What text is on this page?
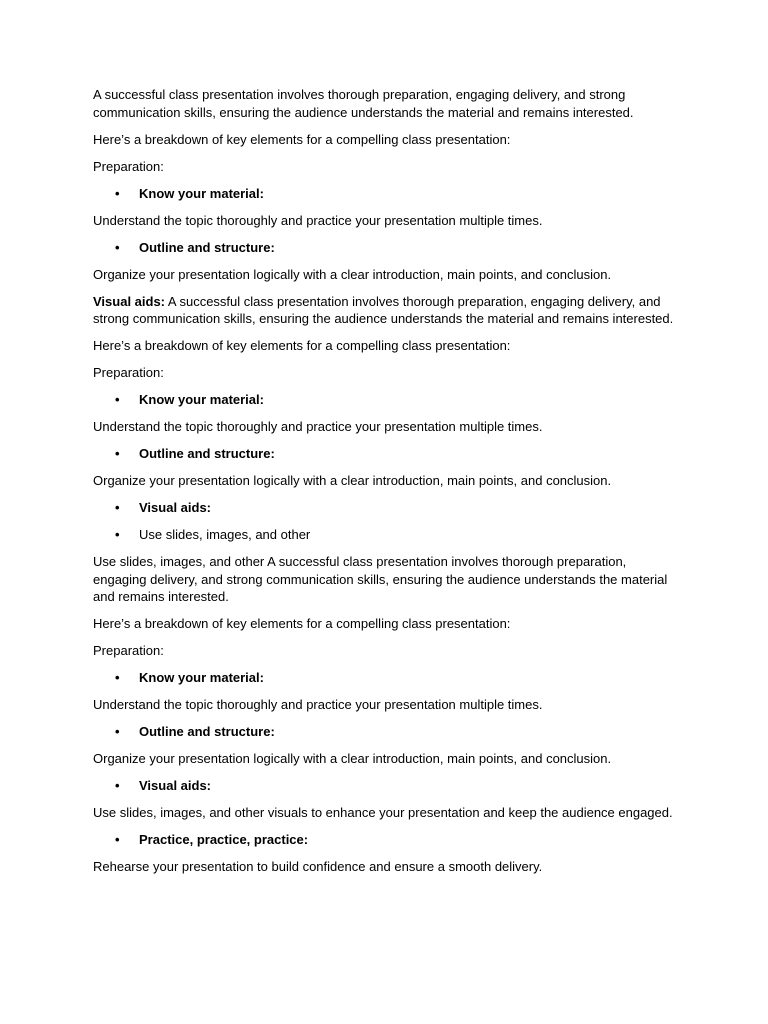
A successful class presentation involves thorough preparation, engaging delivery, and strong communication skills, ensuring the audience understands the material and remains interested.

Here’s a breakdown of key elements for a compelling class presentation:

Preparation:

• Know your material:

Understand the topic thoroughly and practice your presentation multiple times.

• Outline and structure:

Organize your presentation logically with a clear introduction, main points, and conclusion.

Visual aids: A successful class presentation involves thorough preparation, engaging delivery, and strong communication skills, ensuring the audience understands the material and remains interested.

Here’s a breakdown of key elements for a compelling class presentation:

Preparation:

• Know your material:

Understand the topic thoroughly and practice your presentation multiple times.

• Outline and structure:

Organize your presentation logically with a clear introduction, main points, and conclusion.

• Visual aids:
• Use slides, images, and other

Use slides, images, and other A successful class presentation involves thorough preparation, engaging delivery, and strong communication skills, ensuring the audience understands the material and remains interested.

Here’s a breakdown of key elements for a compelling class presentation:

Preparation:

• Know your material:

Understand the topic thoroughly and practice your presentation multiple times.

• Outline and structure:

Organize your presentation logically with a clear introduction, main points, and conclusion.

• Visual aids:

Use slides, images, and other visuals to enhance your presentation and keep the audience engaged.

• Practice, practice, practice:

Rehearse your presentation to build confidence and ensure a smooth delivery.
